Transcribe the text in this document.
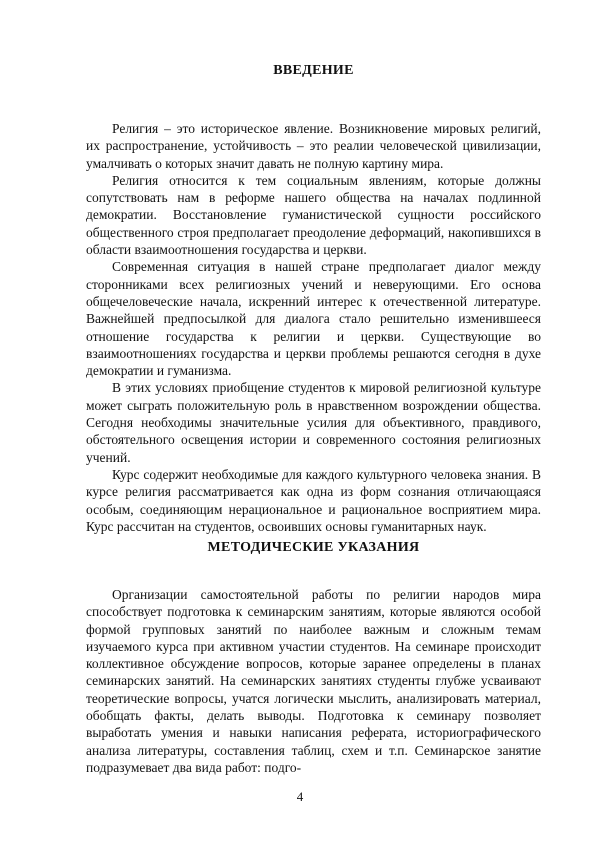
ВВЕДЕНИЕ

Религия – это историческое явление. Возникновение мировых религий, их распространение, устойчивость – это реалии человеческой цивилизации, умалчивать о которых значит давать не полную картину мира.

Религия относится к тем социальным явлениям, которые должны сопутствовать нам в реформе нашего общества на началах подлинной демократии. Восстановление гуманистической сущности российского общественного строя предполагает преодоление деформаций, накопившихся в области взаимоотношения государства и церкви.

Современная ситуация в нашей стране предполагает диалог между сторонниками всех религиозных учений и неверующими. Его основа общечеловеческие начала, искренний интерес к отечественной литературе. Важнейшей предпосылкой для диалога стало решительно изменившееся отношение государства к религии и церкви. Существующие во взаимоотношениях государства и церкви проблемы решаются сегодня в духе демократии и гуманизма.

В этих условиях приобщение студентов к мировой религиозной культуре может сыграть положительную роль в нравственном возрождении общества. Сегодня необходимы значительные усилия для объективного, правдивого, обстоятельного освещения истории и современного состояния религиозных учений.

Курс содержит необходимые для каждого культурного человека знания. В курсе религия рассматривается как одна из форм сознания отличающаяся особым, соединяющим нерациональное и рациональное восприятием мира. Курс рассчитан на студентов, освоивших основы гуманитарных наук.

МЕТОДИЧЕСКИЕ УКАЗАНИЯ

Организации самостоятельной работы по религии народов мира способствует подготовка к семинарским занятиям, которые являются особой формой групповых занятий по наиболее важным и сложным темам изучаемого курса при активном участии студентов. На семинаре происходит коллективное обсуждение вопросов, которые заранее определены в планах семинарских занятий. На семинарских занятиях студенты глубже усваивают теоретические вопросы, учатся логически мыслить, анализировать материал, обобщать факты, делать выводы. Подготовка к семинару позволяет выработать умения и навыки написания реферата, историографического анализа литературы, составления таблиц, схем и т.п. Семинарское занятие подразумевает два вида работ: подго-

4
